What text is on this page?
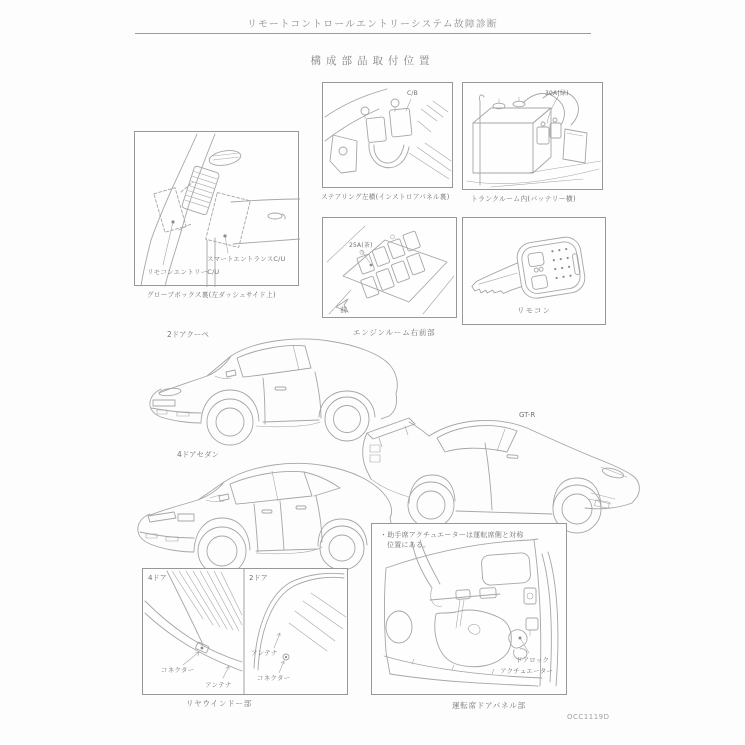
リモートコントロールエントリーシステム故障診断
構成部品取付位置
スマートエントランスC/U
リモコンエントリーC/U
グローブボックス裏(左ダッシュサイド上)
C/B
ステアリング左横(インストロアパネル裏)
30A(緑)
トランクルーム内(バッテリー横)
25A(茶)
前
エンジンルーム右前部
リモコン
2ドアクーペ
GT-R
4ドアセダン
4ドア	2ドア
コネクター
アンテナ
アンテナ
コネクター
リヤウインドー部
・助手席アクチュエーターは運転席側と対称
位置にある。
ドアロック
アクチュエーター
運転席ドアパネル部
OCC1119D
